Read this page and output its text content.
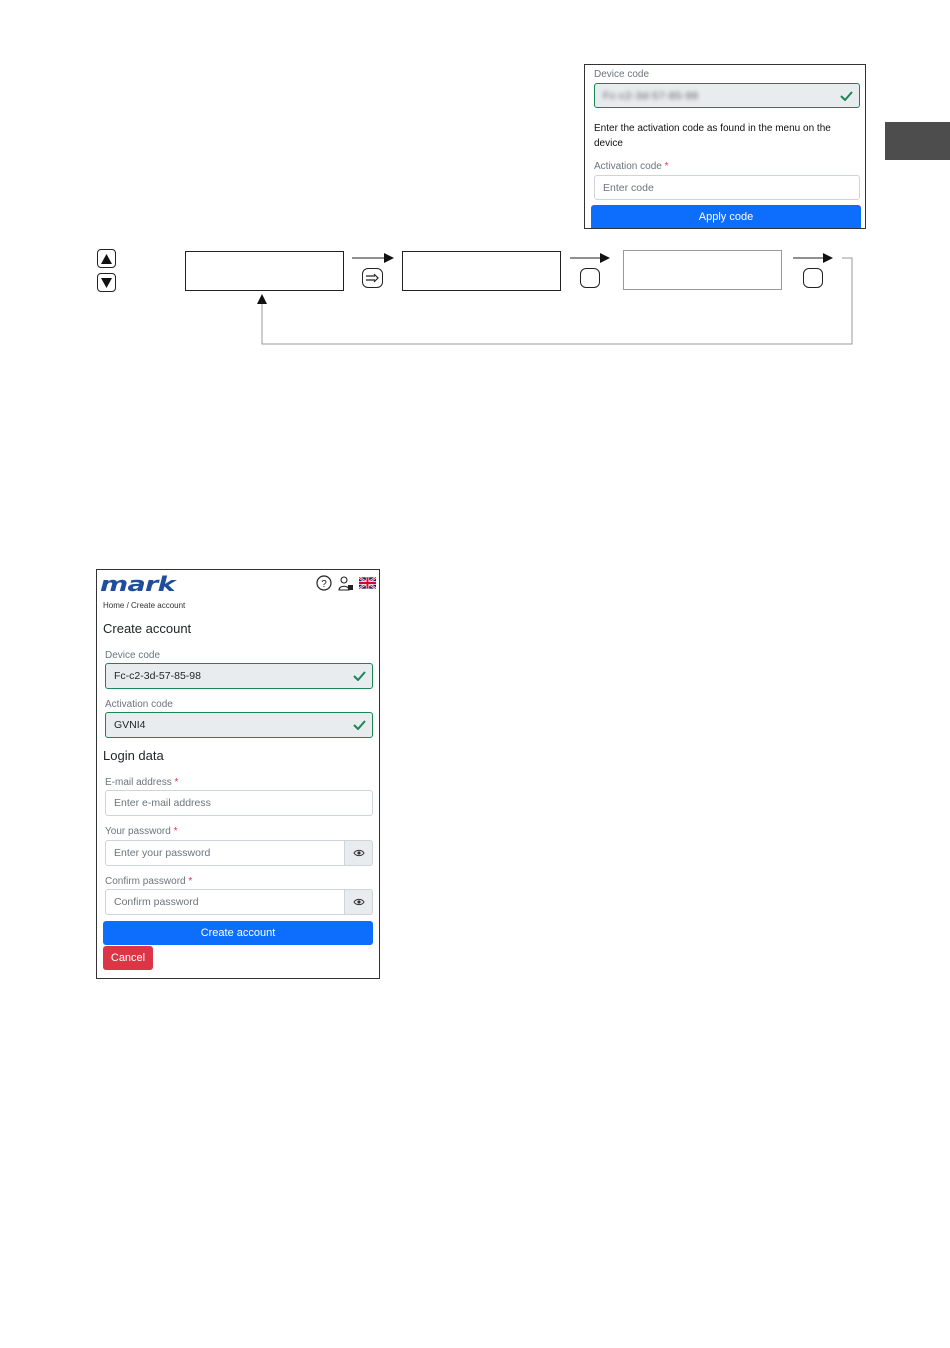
Device code
Fc-c2-3d-57-85-98
Enter the activation code as found in the menu on the device
Activation code *
Enter code
Apply code
mark	?
Home / Create account
Create account
Device code
Fc-c2-3d-57-85-98
Activation code
GVNI4
Login data
E-mail address *
Enter e-mail address
Your password *
Enter your password
Confirm password *
Confirm password
Create account
Cancel
